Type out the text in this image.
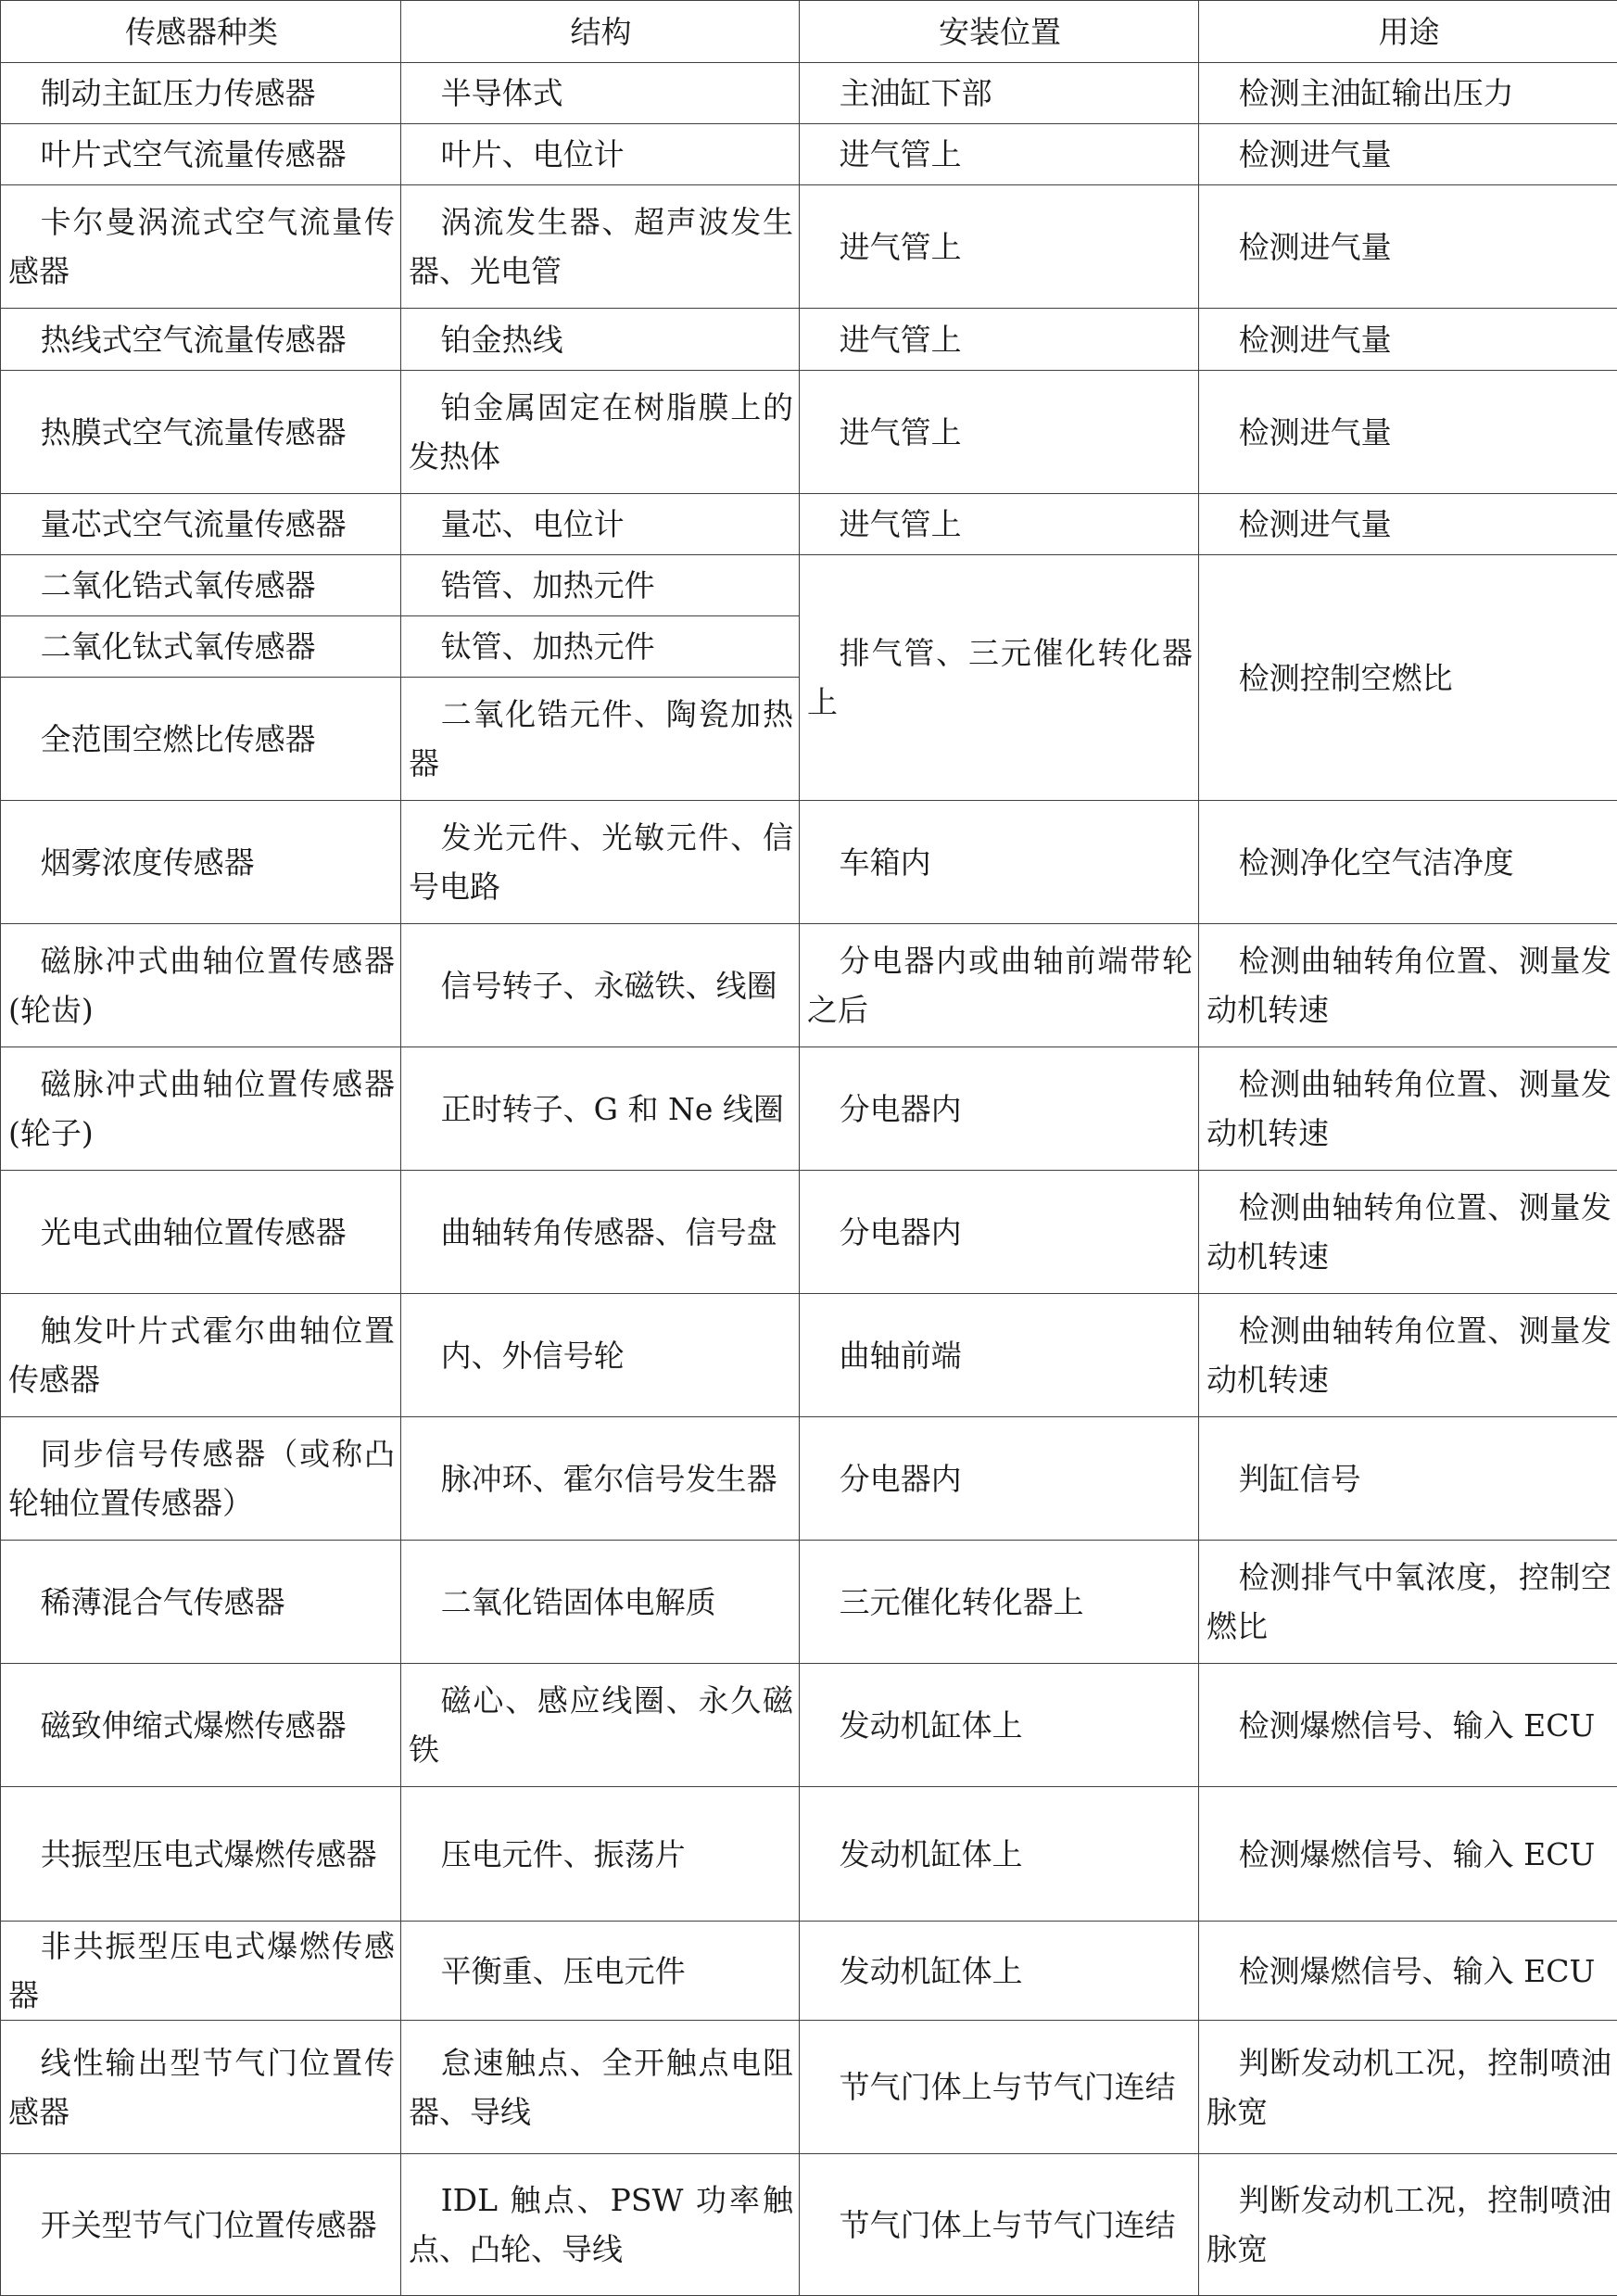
传感器种类	结构	安装位置	用途
制动主缸压力传感器	半导体式	主油缸下部	检测主油缸输出压力
叶片式空气流量传感器	叶片、电位计	进气管上	检测进气量
卡尔曼涡流式空气流量传感器	涡流发生器、超声波发生器、光电管	进气管上	检测进气量
热线式空气流量传感器	铂金热线	进气管上	检测进气量
热膜式空气流量传感器	铂金属固定在树脂膜上的发热体	进气管上	检测进气量
量芯式空气流量传感器	量芯、电位计	进气管上	检测进气量
二氧化锆式氧传感器	锆管、加热元件	排气管、三元催化转化器上	检测控制空燃比
二氧化钛式氧传感器	钛管、加热元件		
全范围空燃比传感器	二氧化锆元件、陶瓷加热器		
烟雾浓度传感器	发光元件、光敏元件、信号电路	车箱内	检测净化空气洁净度
磁脉冲式曲轴位置传感器(轮齿)	信号转子、永磁铁、线圈	分电器内或曲轴前端带轮之后	检测曲轴转角位置、测量发动机转速
磁脉冲式曲轴位置传感器(轮子)	正时转子、G 和 Ne 线圈	分电器内	检测曲轴转角位置、测量发动机转速
光电式曲轴位置传感器	曲轴转角传感器、信号盘	分电器内	检测曲轴转角位置、测量发动机转速
触发叶片式霍尔曲轴位置传感器	内、外信号轮	曲轴前端	检测曲轴转角位置、测量发动机转速
同步信号传感器（或称凸轮轴位置传感器）	脉冲环、霍尔信号发生器	分电器内	判缸信号
稀薄混合气传感器	二氧化锆固体电解质	三元催化转化器上	检测排气中氧浓度，控制空燃比
磁致伸缩式爆燃传感器	磁心、感应线圈、永久磁铁	发动机缸体上	检测爆燃信号、输入 ECU
共振型压电式爆燃传感器	压电元件、振荡片	发动机缸体上	检测爆燃信号、输入 ECU
非共振型压电式爆燃传感器	平衡重、压电元件	发动机缸体上	检测爆燃信号、输入 ECU
线性输出型节气门位置传感器	怠速触点、全开触点电阻器、导线	节气门体上与节气门连结	判断发动机工况，控制喷油脉宽
开关型节气门位置传感器	IDL 触点、PSW 功率触点、凸轮、导线	节气门体上与节气门连结	判断发动机工况，控制喷油脉宽
